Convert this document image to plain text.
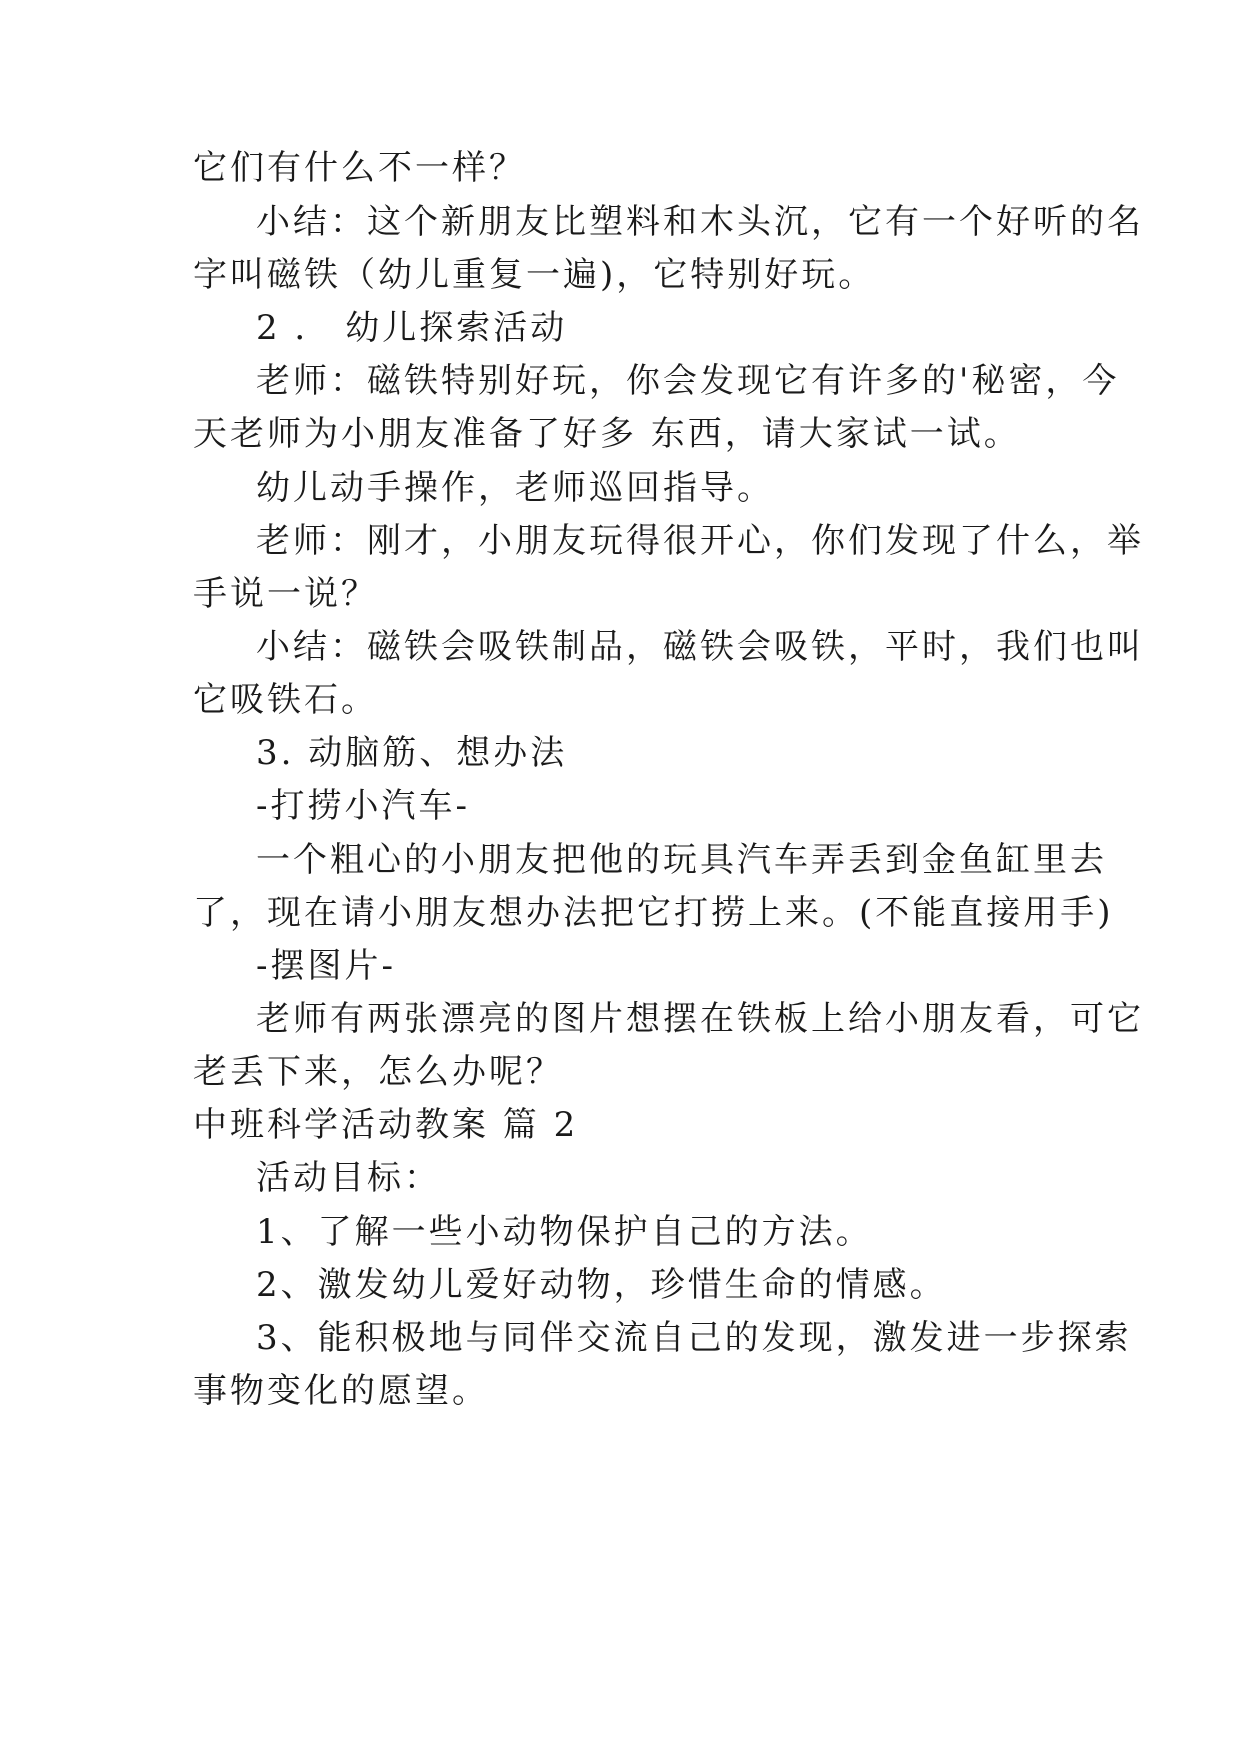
它们有什么不一样？
小结：这个新朋友比塑料和木头沉，它有一个好听的名
字叫磁铁（幼儿重复一遍)，它特别好玩。
2 ． 幼儿探索活动
老师：磁铁特别好玩，你会发现它有许多的'秘密，今
天老师为小朋友准备了好多 东西，请大家试一试。
幼儿动手操作，老师巡回指导。
老师：刚才，小朋友玩得很开心，你们发现了什么，举
手说一说？
小结：磁铁会吸铁制品，磁铁会吸铁，平时，我们也叫
它吸铁石。
3. 动脑筋、想办法
-打捞小汽车-
一个粗心的小朋友把他的玩具汽车弄丢到金鱼缸里去
了，现在请小朋友想办法把它打捞上来。(不能直接用手)
-摆图片-
老师有两张漂亮的图片想摆在铁板上给小朋友看，可它
老丢下来，怎么办呢？
中班科学活动教案 篇 2
活动目标：
1、了解一些小动物保护自己的方法。
2、激发幼儿爱好动物，珍惜生命的情感。
3、能积极地与同伴交流自己的发现，激发进一步探索
事物变化的愿望。
